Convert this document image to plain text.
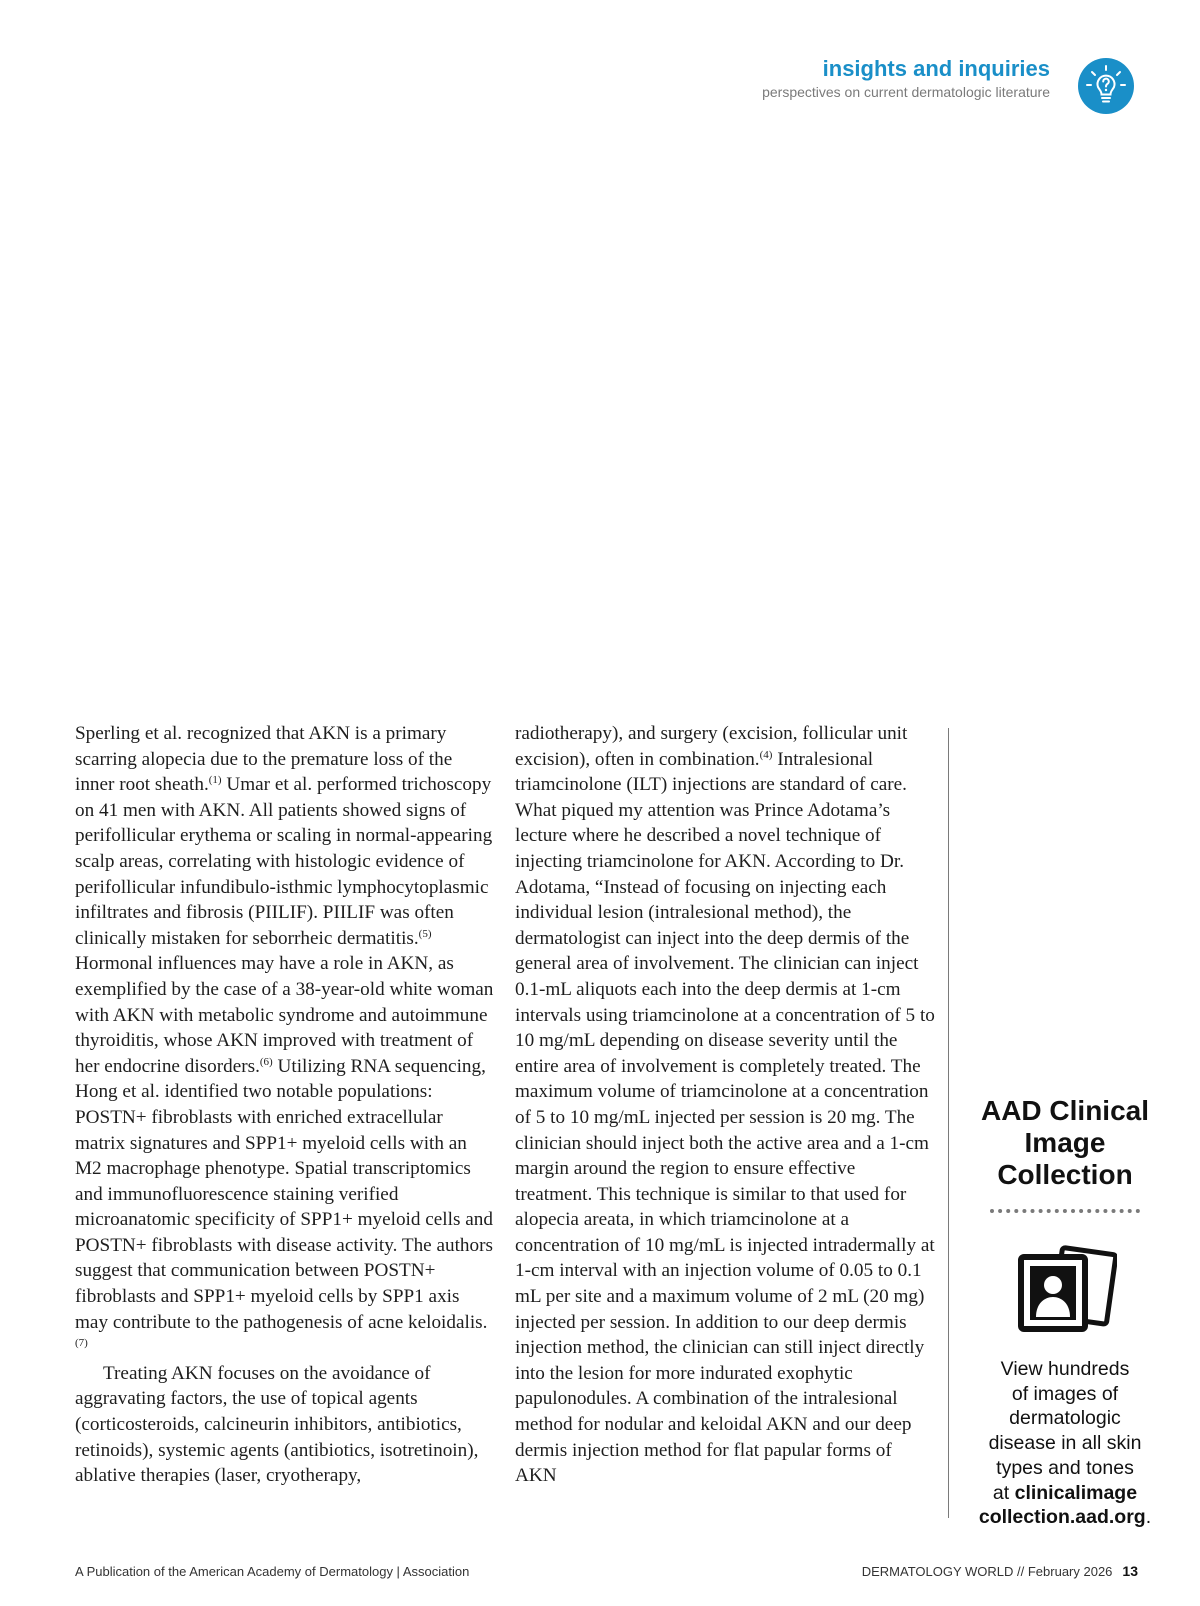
insights and inquiries
perspectives on current dermatologic literature

Sperling et al. recognized that AKN is a primary scarring alopecia due to the premature loss of the inner root sheath.$^{(1)}$ Umar et al. performed trichoscopy on 41 men with AKN. All patients showed signs of perifollicular erythema or scaling in normal-appearing scalp areas, correlating with histologic evidence of perifollicular infundibulo-isthmic lymphocytoplasmic infiltrates and fibrosis (PIILIF). PIILIF was often clinically mistaken for seborrheic dermatitis.$^{(5)}$ Hormonal influences may have a role in AKN, as exemplified by the case of a 38-year-old white woman with AKN with metabolic syndrome and autoimmune thyroiditis, whose AKN improved with treatment of her endocrine disorders.$^{(6)}$ Utilizing RNA sequencing, Hong et al. identified two notable populations: POSTN+ fibroblasts with enriched extracellular matrix signatures and SPP1+ myeloid cells with an M2 macrophage phenotype. Spatial transcriptomics and immunofluorescence staining verified microanatomic specificity of SPP1+ myeloid cells and POSTN+ fibroblasts with disease activity. The authors suggest that communication between POSTN+ fibroblasts and SPP1+ myeloid cells by SPP1 axis may contribute to the pathogenesis of acne keloidalis.$^{(7)}$

Treating AKN focuses on the avoidance of aggravating factors, the use of topical agents (corticosteroids, calcineurin inhibitors, antibiotics, retinoids), systemic agents (antibiotics, isotretinoin), ablative therapies (laser, cryotherapy,

radiotherapy), and surgery (excision, follicular unit excision), often in combination.$^{(4)}$ Intralesional triamcinolone (ILT) injections are standard of care. What piqued my attention was Prince Adotama’s lecture where he described a novel technique of injecting triamcinolone for AKN. According to Dr. Adotama, “Instead of focusing on injecting each individual lesion (intralesional method), the dermatologist can inject into the deep dermis of the general area of involvement. The clinician can inject 0.1-mL aliquots each into the deep dermis at 1-cm intervals using triamcinolone at a concentration of 5 to 10 mg/mL depending on disease severity until the entire area of involvement is completely treated. The maximum volume of triamcinolone at a concentration of 5 to 10 mg/mL injected per session is 20 mg. The clinician should inject both the active area and a 1-cm margin around the region to ensure effective treatment. This technique is similar to that used for alopecia areata, in which triamcinolone at a concentration of 10 mg/mL is injected intradermally at 1-cm interval with an injection volume of 0.05 to 0.1 mL per site and a maximum volume of 2 mL (20 mg) injected per session. In addition to our deep dermis injection method, the clinician can still inject directly into the lesion for more indurated exophytic papulonodules. A combination of the intralesional method for nodular and keloidal AKN and our deep dermis injection method for flat papular forms of AKN

AAD Clinical
Image
Collection
View hundreds
of images of
dermatologic
disease in all skin
types and tones
at clinicalimage
collection.aad.org.
A Publication of the American Academy of Dermatology | Association	DERMATOLOGY WORLD // February 2026 13
